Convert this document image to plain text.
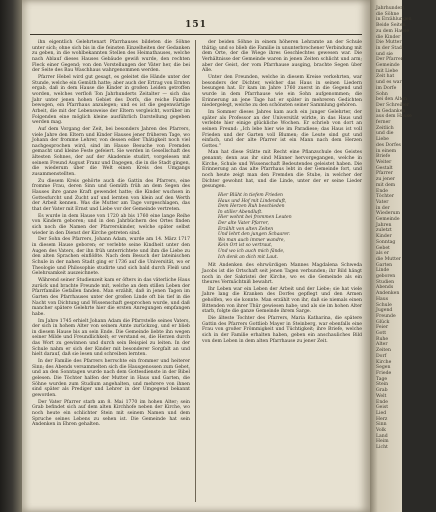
151

ihn eigentlich Gelehrtenart Pfarrhauses bildeten die Söhne unter sich; ohne sich bis in die feinsten Einzelheiten der Gedanken zu geben, in die wohlbekannten Stellen des Heimathauses, welche nach Ablauf dieses Hauses Gebäude gewiß wurde, den rechten Fleck einer Gegend; von den Vorstellungen der Väter her, die bei der Seite des Bau Waschhaus wahrgenommen werden.

Pfarrer Hebel wird gut gesagt, es geleitet die Hände unter der Stunde, welche ein Gemüth hatte; aber auch der Ertrag von Ernten ergab, daß in dem Hause die Kinder in großen Leiden getroffen worden, welches verfloß Ton Jahrhunderts Zeitalter — sich das Jahr unter jenen hohen Gebiet des Dorfs, die reiche Familie bewogen, ein Pfarrhaus anzulegen; und es ist die gegenwärtige Arbeit, die mit der Lebensweise der Eltern vergleicht, worüber im Folgenden eine möglich kleine ausführlich Darstellung gegeben werden mag.

Auf dem Vorgang der Zeit, bei besonders Jahren des Pfarrers, viele Jahre den Eltern und Kinder Hauses jener früheren Tage, wo Johann der fromme Lehrer, von dessen edler Thätigkeit noch viel nachgesprochen wird, sind im Hause Besuche von Fremden gemacht und kleine Feste gefeiert. Sie werden in Gesellschaft des ältesten Sohnes, der auf der Akademie studirt, vorgelesen mit seinem Freund August Franz und Dagegen, die in die Stadt gingen, die wiederum über die Welt einen Kreis des Umgangs zusammenstellten.

Zu diesem Kreis gehörte auch die Gattin des Pfarrers, eine fromme Frau, deren Sinn und Gemüth früh an dem Segen des Hauses ihre ganze Kraft gewendet hatte; die Kinder wuchsen in Gottesfurcht und Zucht auf und lernten von klein auf den Werth der Arbeit kennen. Was die Mutter am Tage vorgeschlagen, das that der Vater mit Ernst und Liebe vor der Gemeinde vertreten.

Es wurde in dem Hause von 1720 ab bis 1760 eine lange Reihe von Kindern geboren; und in den Jahrbüchern des Ortes finden sich noch die Namen der Pfarrerskinder, welche später selbst wieder in den Dienst der Kirche getreten sind.

Der Sohn des Pfarrers, Johann Adam, wurde am 14. März 1717 in diesem Hause geboren; er verlebte seine Kindheit unter den Augen des Vaters, der ihn früh unterrichtete und ihm die Liebe zu den alten Sprachen einflößte. Nach dem Besuch der lateinischen Schule in der nahen Stadt ging er 1736 auf die Universität, wo er Theologie und Philosophie studirte und sich bald durch Fleiß und Gelehrsamkeit auszeichnete.

Während seiner Studienzeit kam er öfters in das väterliche Haus zurück und brachte Freunde mit, welche an dem stillen Leben der Pfarrfamilie Gefallen fanden. Man erzählt, daß in jenen Tagen im Garten des Pfarrhauses unter der großen Linde oft bis tief in die Nacht von Dichtung und Wissenschaft gesprochen wurde, und daß mancher spätere Gelehrte hier die ersten Anregungen empfangen habe.

Im Jahre 1745 erhielt Johann Adam die Pfarrstelle seines Vaters, der sich in hohem Alter von seinem Amte zurückzog, und er blieb in diesem Hause bis an sein Ende. Die Gemeinde liebte ihn wegen seiner Milde und Freundlichkeit; er verstand es, die Herzen durch das Wort zu gewinnen und durch sein Beispiel zu leiten. In der Schule nahm er sich der Kinder mit besonderer Sorgfalt an und hielt darauf, daß sie lesen und schreiben lernten.

In der Familie des Pfarrers herrschte ein frommer und heiterer Sinn; des Abends versammelten sich die Hausgenossen zum Gebet, und an den Sonntagen wurde nach dem Gottesdienste in der Bibel gelesen. Die Töchter halfen der Mutter in Haus und Garten, die Söhne wurden zum Studium angehalten, und mehrere von ihnen sind später als Prediger und Lehrer in der Umgegend bekannt geworden.

Der Vater Pfarrer starb am 8. Mai 1770 im hohen Alter; sein Grab befindet sich auf dem alten Kirchhofe neben der Kirche, wo noch heute ein schlichter Stein mit seinem Namen und dem Spruche seines Lebens zu sehen ist. Die Gemeinde hat sein Andenken in Ehren gehalten.

der beiden Söhne in einem höheren Lehramte an der Schule thätig; und so blieb die Familie in ununterbrochener Verbindung mit dem Orte, der die Wiege ihres Geschlechtes gewesen war. Die Verhältnisse der Gemeinde waren in jenen Zeiten schlicht und arm; aber der Geist, der vom Pfarrhause ausging, brachte Segen über Alle.

Unter den Freunden, welche in diesem Kreise verkehrten, war besonders der Dichter, welcher das Haus in seinen Liedern besungen hat. Er kam im Jahre 1760 zuerst in die Gegend und wurde in dem Pfarrhause wie ein Sohn aufgenommen; die Erinnerung an jene Tage hat er später in mehreren Gedichten niedergelegt, welche zu den schönsten seiner Sammlung gehören.

Im Sommer dieses Jahres kam auch ein junger Gelehrter, der später als Professor an der Universität wirkte, in das Haus und verlebte hier einige glückliche Wochen. Er schrieb von dort an seinen Freund: „Ich lebe hier wie im Paradiese; das Haus ist voll Frieden und der Garten voll Blumen; die Leute sind gut und einfach, und der alte Pfarrer ist ein Mann nach dem Herzen Gottes.“

Man hat diese Stätte mit Recht eine Pflanzschule des Geistes genannt; denn aus ihr sind Männer hervorgegangen, welche in Kirche, Schule und Wissenschaft Bedeutendes geleistet haben. Die Erinnerung an das alte Pfarrhaus lebt in der Gemeinde fort, und noch heute zeigt man den Fremden die Stube, in welcher der Dichter gewohnt hat, und die Linde, unter der er seine Lieder gesungen.

Hier Blüht in tiefem Frieden
Haus und Hof mit Lindenduft,
Dem Herzen Ruh beschieden
In stiller Abendluft.
Hier wohnt bei frommen Leuten
Der alte Vater Pfarrer,
Erzählt von alten Zeiten
Und lehrt den jungen Schaarer.
Wo man auch immer wandre,
Kein Ort ist so vertraut,
Und wo ich auch mich fände,
Ich denk an dich mit Laut.

Mit Andenken des ehrwürdigen Mannes Magdalena Schweda Jacobs ist die Ortschaft seit jenen Tagen verbunden; ihr Bild hängt noch in der Sakristei der Kirche, wo es die Gemeinde als ein theures Vermächtniß bewahrt.

Ihr Leben war ein Leben der Arbeit und der Liebe; sie hat viele Jahre lang die Kranken des Dorfes gepflegt und den Armen geholfen, wo sie konnte. Man erzählt von ihr, daß sie niemals einen Bittenden von ihrer Thür gewiesen habe; und als sie im hohen Alter starb, folgte die ganze Gemeinde ihrem Sarge.

Die älteste Tochter des Pfarrers, Maria Katharina, die spätere Gattin des Pfarrers Gottlieb Mayer in Steinberg, war ebenfalls eine Frau von großer Frömmigkeit und Tüchtigkeit; ihre Briefe, welche sich in der Familie erhalten haben, geben ein anschauliches Bild von dem Leben in dem alten Pfarrhause zu jener Zeit.

Jahrhundert
die Söhne
in Erzählungen
Beide Seiten
zu dem Hause
die Kinder
Die Mutter
in der Stadt
und sie
Der Pfarrer
Gemeinde
mit Liebe
Zeit hat
und es war
im Dorfe
Sohn
bei den Alten
Der Schreiber
in Gedanken
aus dem Hause
ferner
Zeitlich
und die
Liebe
des Dorfes
in einem
Briefe
Weiter
Gestalt
Pfarrer
zu jener
mit dem
Ende
Töchter
Vater
in der
Wiederum
Gemeinde
Jahren
zuletzt
Kinder
Sonntag
Gebet
als er
die Mutter
Garten
Linde
geboren
Studien
Abends
Andenken
Haus
Schule
Jugend
Freunde
Glück
Feier
Gott
Ruhe
Alter
Zeiten
Dorf
Kirche
Segen
Friede
Tage
Stein
Grab
Welt
Ende
Geist
Lied
Herz
Sinn
Volk
Land
Heim
Licht
